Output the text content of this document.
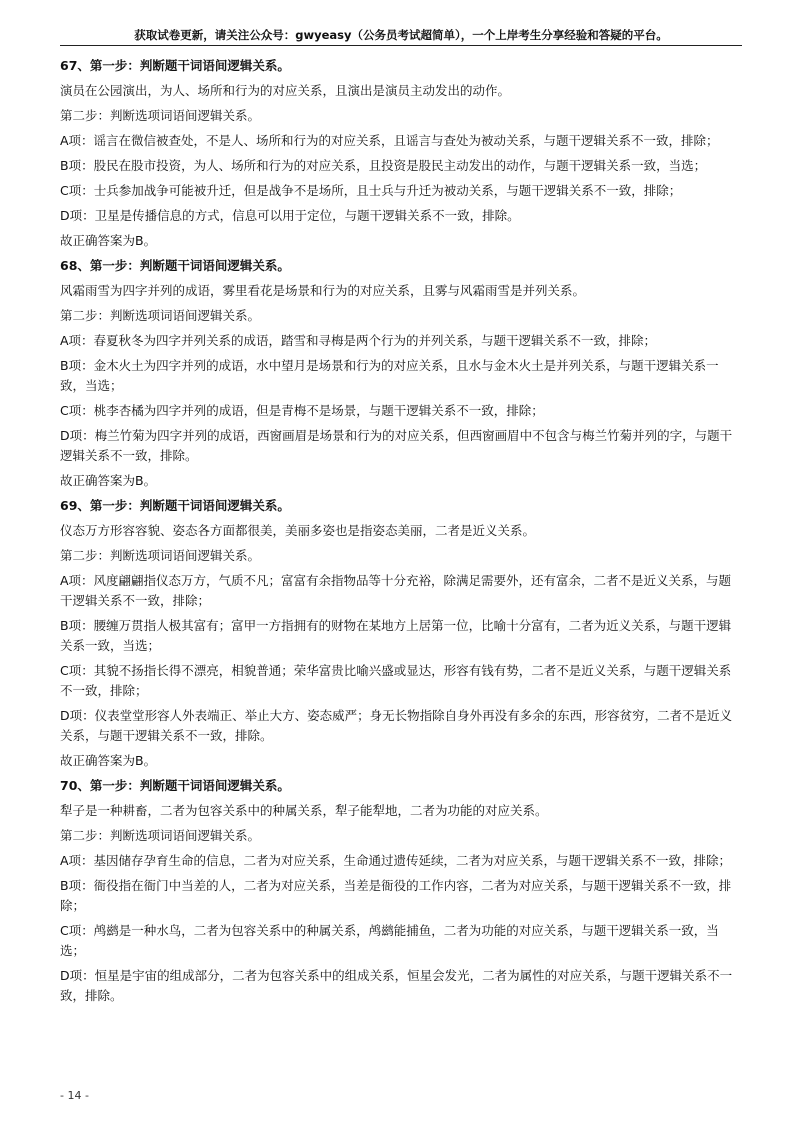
获取试卷更新，请关注公众号：gwyeasy（公务员考试超简单），一个上岸考生分享经验和答疑的平台。
67、第一步：判断题干词语间逻辑关系。
演员在公园演出，为人、场所和行为的对应关系，且演出是演员主动发出的动作。
第二步：判断选项词语间逻辑关系。
A项：谣言在微信被查处，不是人、场所和行为的对应关系，且谣言与查处为被动关系，与题干逻辑关系不一致，排除；
B项：股民在股市投资，为人、场所和行为的对应关系，且投资是股民主动发出的动作，与题干逻辑关系一致，当选；
C项：士兵参加战争可能被升迁，但是战争不是场所，且士兵与升迁为被动关系，与题干逻辑关系不一致，排除；
D项：卫星是传播信息的方式，信息可以用于定位，与题干逻辑关系不一致，排除。
故正确答案为B。
68、第一步：判断题干词语间逻辑关系。
风霜雨雪为四字并列的成语，雾里看花是场景和行为的对应关系，且雾与风霜雨雪是并列关系。
第二步：判断选项词语间逻辑关系。
A项：春夏秋冬为四字并列关系的成语，踏雪和寻梅是两个行为的并列关系，与题干逻辑关系不一致，排除；
B项：金木火土为四字并列的成语，水中望月是场景和行为的对应关系，且水与金木火土是并列关系，与题干逻辑关系一致，当选；
C项：桃李杏橘为四字并列的成语，但是青梅不是场景，与题干逻辑关系不一致，排除；
D项：梅兰竹菊为四字并列的成语，西窗画眉是场景和行为的对应关系，但西窗画眉中不包含与梅兰竹菊并列的字，与题干逻辑关系不一致，排除。
故正确答案为B。
69、第一步：判断题干词语间逻辑关系。
仪态万方形容容貌、姿态各方面都很美，美丽多姿也是指姿态美丽，二者是近义关系。
第二步：判断选项词语间逻辑关系。
A项：风度翩翩指仪态万方，气质不凡；富富有余指物品等十分充裕，除满足需要外，还有富余，二者不是近义关系，与题干逻辑关系不一致，排除；
B项：腰缠万贯指人极其富有；富甲一方指拥有的财物在某地方上居第一位，比喻十分富有，二者为近义关系，与题干逻辑关系一致，当选；
C项：其貌不扬指长得不漂亮，相貌普通；荣华富贵比喻兴盛或显达，形容有钱有势，二者不是近义关系，与题干逻辑关系不一致，排除；
D项：仪表堂堂形容人外表端正、举止大方、姿态威严；身无长物指除自身外再没有多余的东西，形容贫穷，二者不是近义关系，与题干逻辑关系不一致，排除。
故正确答案为B。
70、第一步：判断题干词语间逻辑关系。
犁子是一种耕畜，二者为包容关系中的种属关系，犁子能犁地，二者为功能的对应关系。
第二步：判断选项词语间逻辑关系。
A项：基因储存孕育生命的信息，二者为对应关系，生命通过遗传延续，二者为对应关系，与题干逻辑关系不一致，排除；
B项：衙役指在衙门中当差的人，二者为对应关系，当差是衙役的工作内容，二者为对应关系，与题干逻辑关系不一致，排除；
C项：鸬鹚是一种水鸟，二者为包容关系中的种属关系，鸬鹚能捕鱼，二者为功能的对应关系，与题干逻辑关系一致，当选；
D项：恒星是宇宙的组成部分，二者为包容关系中的组成关系，恒星会发光，二者为属性的对应关系，与题干逻辑关系不一致，排除。
- 14 -
